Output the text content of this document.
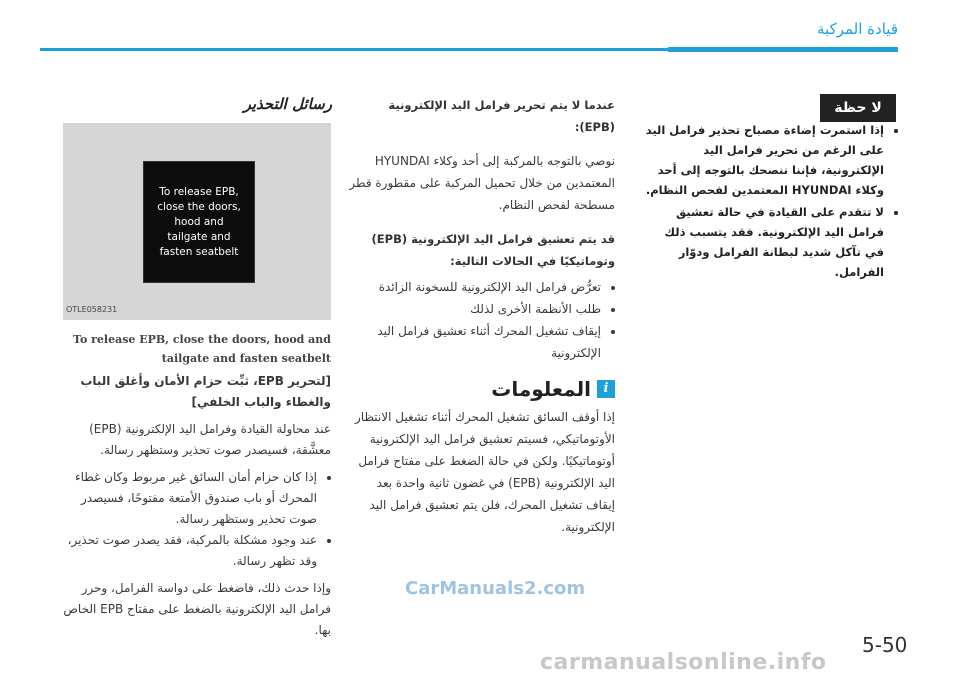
قيادة المركبة
لا حظة
• إذا استمرت إضاءة مصباح تحذير فرامل اليد على الرغم من تحرير فرامل اليد الإلكترونية، فإننا ننصحك بالتوجه إلى أحد وكلاء HYUNDAI المعتمدين لفحص النظام.
• لا تتقدم على القيادة في حالة تعشيق فرامل اليد الإلكترونية. فقد يتسبب ذلك في تآكل شديد لبطانة الفرامل ودوّار الفرامل.

عندما لا يتم تحرير فرامل اليد الإلكترونية (EPB):

نوصي بالتوجه بالمركبة إلى أحد وكلاء HYUNDAI المعتمدين من خلال تحميل المركبة على مقطورة قطر مسطحة لفحص النظام.

قد يتم تعشيق فرامل اليد الإلكترونية (EPB) وتوماتيكيًا في الحالات التالية:

• تعرُّض فرامل اليد الإلكترونية للسخونة الزائدة
• طلب الأنظمة الأخرى لذلك
• إيقاف تشغيل المحرك أثناء تعشيق فرامل اليد الإلكترونية
i
المعلومات

إذا أوقف السائق تشغيل المحرك أثناء تشغيل الانتظار الأوتوماتيكي، فسيتم تعشيق فرامل اليد الإلكترونية أوتوماتيكيًا. ولكن في حالة الضغط على مفتاح فرامل اليد الإلكترونية (EPB) في غضون ثانية واحدة بعد إيقاف تشغيل المحرك، فلن يتم تعشيق فرامل اليد الإلكترونية.

رسائل التحذير
To release EPB,
close the doors,
hood and
tailgate and
fasten seatbelt
OTLE058231
To release EPB, close the doors, hood and tailgate and fasten seatbelt

[لتحرير EPB، ثبِّت حزام الأمان وأغلق الباب والغطاء والباب الخلفي]

عند محاولة القيادة وفرامل اليد الإلكترونية (EPB) معشَّقة، فسيصدر صوت تحذير وستظهر رسالة.

• إذا كان حزام أمان السائق غير مربوط وكان غطاء المحرك أو باب صندوق الأمتعة مفتوحًا، فسيصدر صوت تحذير وستظهر رسالة.
• عند وجود مشكلة بالمركبة، فقد يصدر صوت تحذير، وقد تظهر رسالة.

وإذا حدث ذلك، فاضغط على دواسة الفرامل، وحرر فرامل اليد الإلكترونية بالضغط على مفتاح EPB الخاص بها.

5-50
CarManuals2.com
carmanualsonline.info
